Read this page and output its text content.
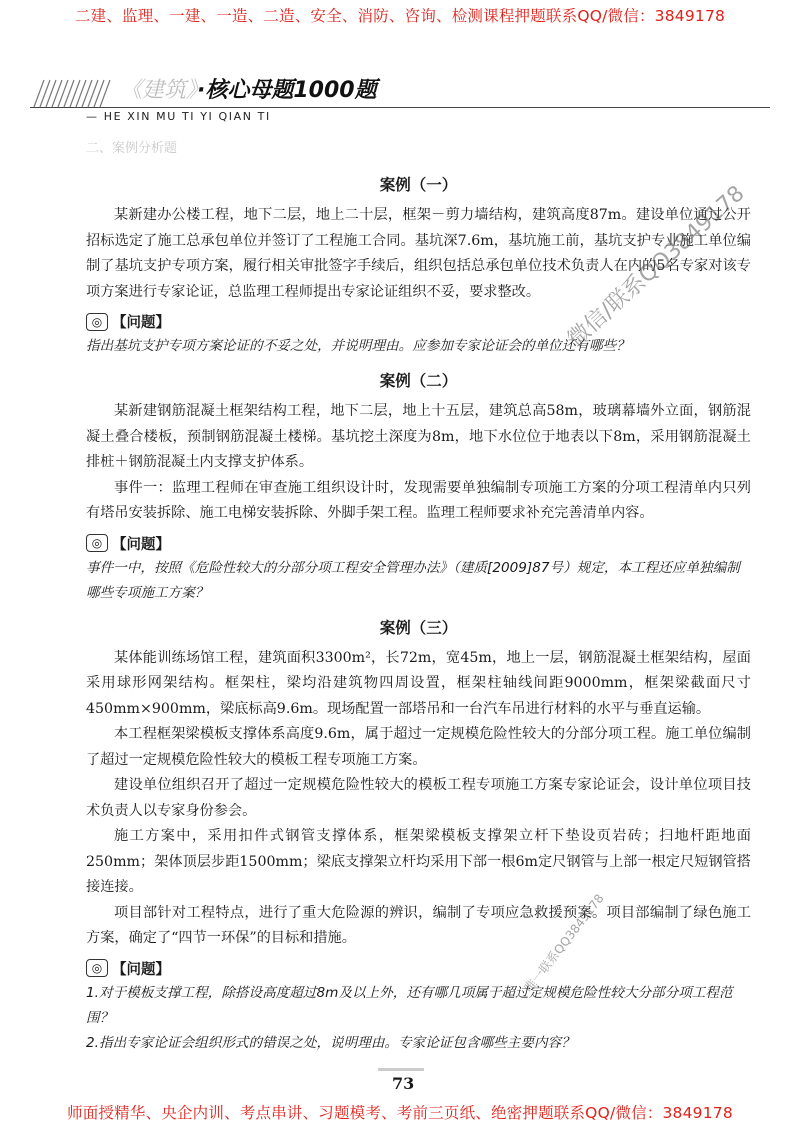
二建、监理、一建、一造、二造、安全、消防、咨询、检测课程押题联系QQ/微信：3849178
《建筑》·核心母题1000题
— HE XIN MU TI YI QIAN TI
二、案例分析题
案例（一）

某新建办公楼工程，地下二层，地上二十层，框架－剪力墙结构，建筑高度87m。建设单位通过公开招标选定了施工总承包单位并签订了工程施工合同。基坑深7.6m，基坑施工前，基坑支护专业施工单位编制了基坑支护专项方案，履行相关审批签字手续后，组织包括总承包单位技术负责人在内的5名专家对该专项方案进行专家论证，总监理工程师提出专家论证组织不妥，要求整改。

◎ 【问题】

指出基坑支护专项方案论证的不妥之处，并说明理由。应参加专家论证会的单位还有哪些？

案例（二）

某新建钢筋混凝土框架结构工程，地下二层，地上十五层，建筑总高58m，玻璃幕墙外立面，钢筋混凝土叠合楼板，预制钢筋混凝土楼梯。基坑挖土深度为8m，地下水位位于地表以下8m，采用钢筋混凝土排桩＋钢筋混凝土内支撑支护体系。

事件一：监理工程师在审查施工组织设计时，发现需要单独编制专项施工方案的分项工程清单内只列有塔吊安装拆除、施工电梯安装拆除、外脚手架工程。监理工程师要求补充完善清单内容。

◎ 【问题】

事件一中，按照《危险性较大的分部分项工程安全管理办法》（建质[2009]87号）规定，本工程还应单独编制哪些专项施工方案？

案例（三）

某体能训练场馆工程，建筑面积3300m²，长72m，宽45m，地上一层，钢筋混凝土框架结构，屋面采用球形网架结构。框架柱，梁均沿建筑物四周设置，框架柱轴线间距9000mm，框架梁截面尺寸450mm×900mm，梁底标高9.6m。现场配置一部塔吊和一台汽车吊进行材料的水平与垂直运输。

本工程框架梁模板支撑体系高度9.6m，属于超过一定规模危险性较大的分部分项工程。施工单位编制了超过一定规模危险性较大的模板工程专项施工方案。

建设单位组织召开了超过一定规模危险性较大的模板工程专项施工方案专家论证会，设计单位项目技术负责人以专家身份参会。

施工方案中，采用扣件式钢管支撑体系，框架梁模板支撑架立杆下垫设页岩砖；扫地杆距地面250mm；架体顶层步距1500mm；梁底支撑架立杆均采用下部一根6m定尺钢管与上部一根定尺短钢管搭接连接。

项目部针对工程特点，进行了重大危险源的辨识，编制了专项应急救援预案。项目部编制了绿色施工方案，确定了“四节一环保”的目标和措施。

◎ 【问题】

1.对于模板支撑工程，除搭设高度超过8m及以上外，还有哪几项属于超过定规模危险性较大分部分项工程范围？

2.指出专家论证会组织形式的错误之处，说明理由。专家论证包含哪些主要内容？

微信/联系QQ3849178
唯一联系QQ3849178
73
师面授精华、央企内训、考点串讲、习题模考、考前三页纸、绝密押题联系QQ/微信：3849178
